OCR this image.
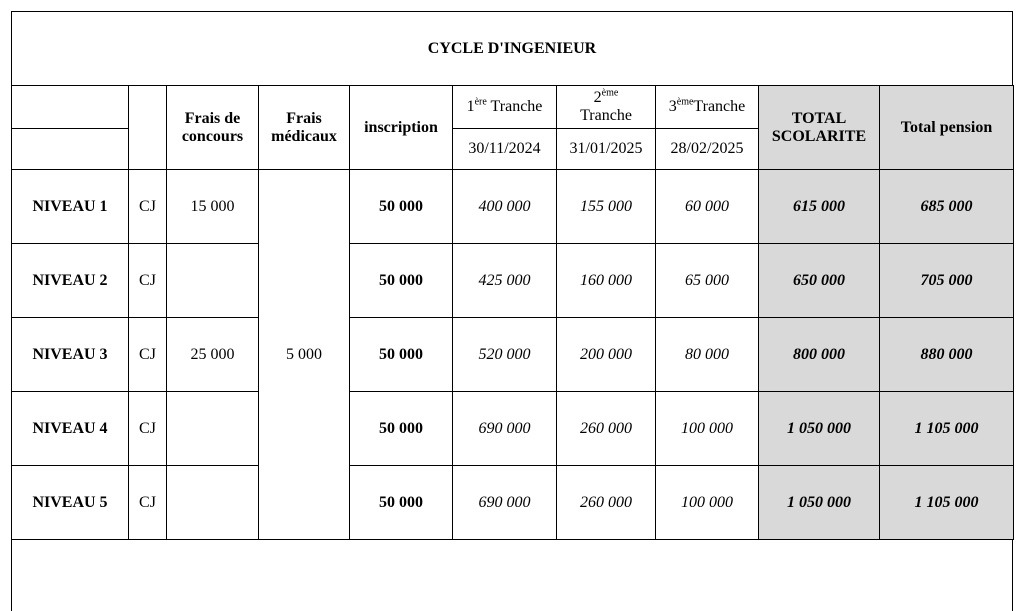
CYCLE D'INGENIEUR
		Frais de concours	Frais médicaux	inscription	1ère Tranche	2ème
Tranche	3èmeTranche	TOTAL SCOLARITE	Total pension
					30/11/2024	31/01/2025	28/02/2025		
NIVEAU 1	CJ	15 000	5 000	50 000	400 000	155 000	60 000	615 000	685 000
NIVEAU 2	CJ			50 000	425 000	160 000	65 000	650 000	705 000
NIVEAU 3	CJ	25 000		50 000	520 000	200 000	80 000	800 000	880 000
NIVEAU 4	CJ			50 000	690 000	260 000	100 000	1 050 000	1 105 000
NIVEAU 5	CJ			50 000	690 000	260 000	100 000	1 050 000	1 105 000
